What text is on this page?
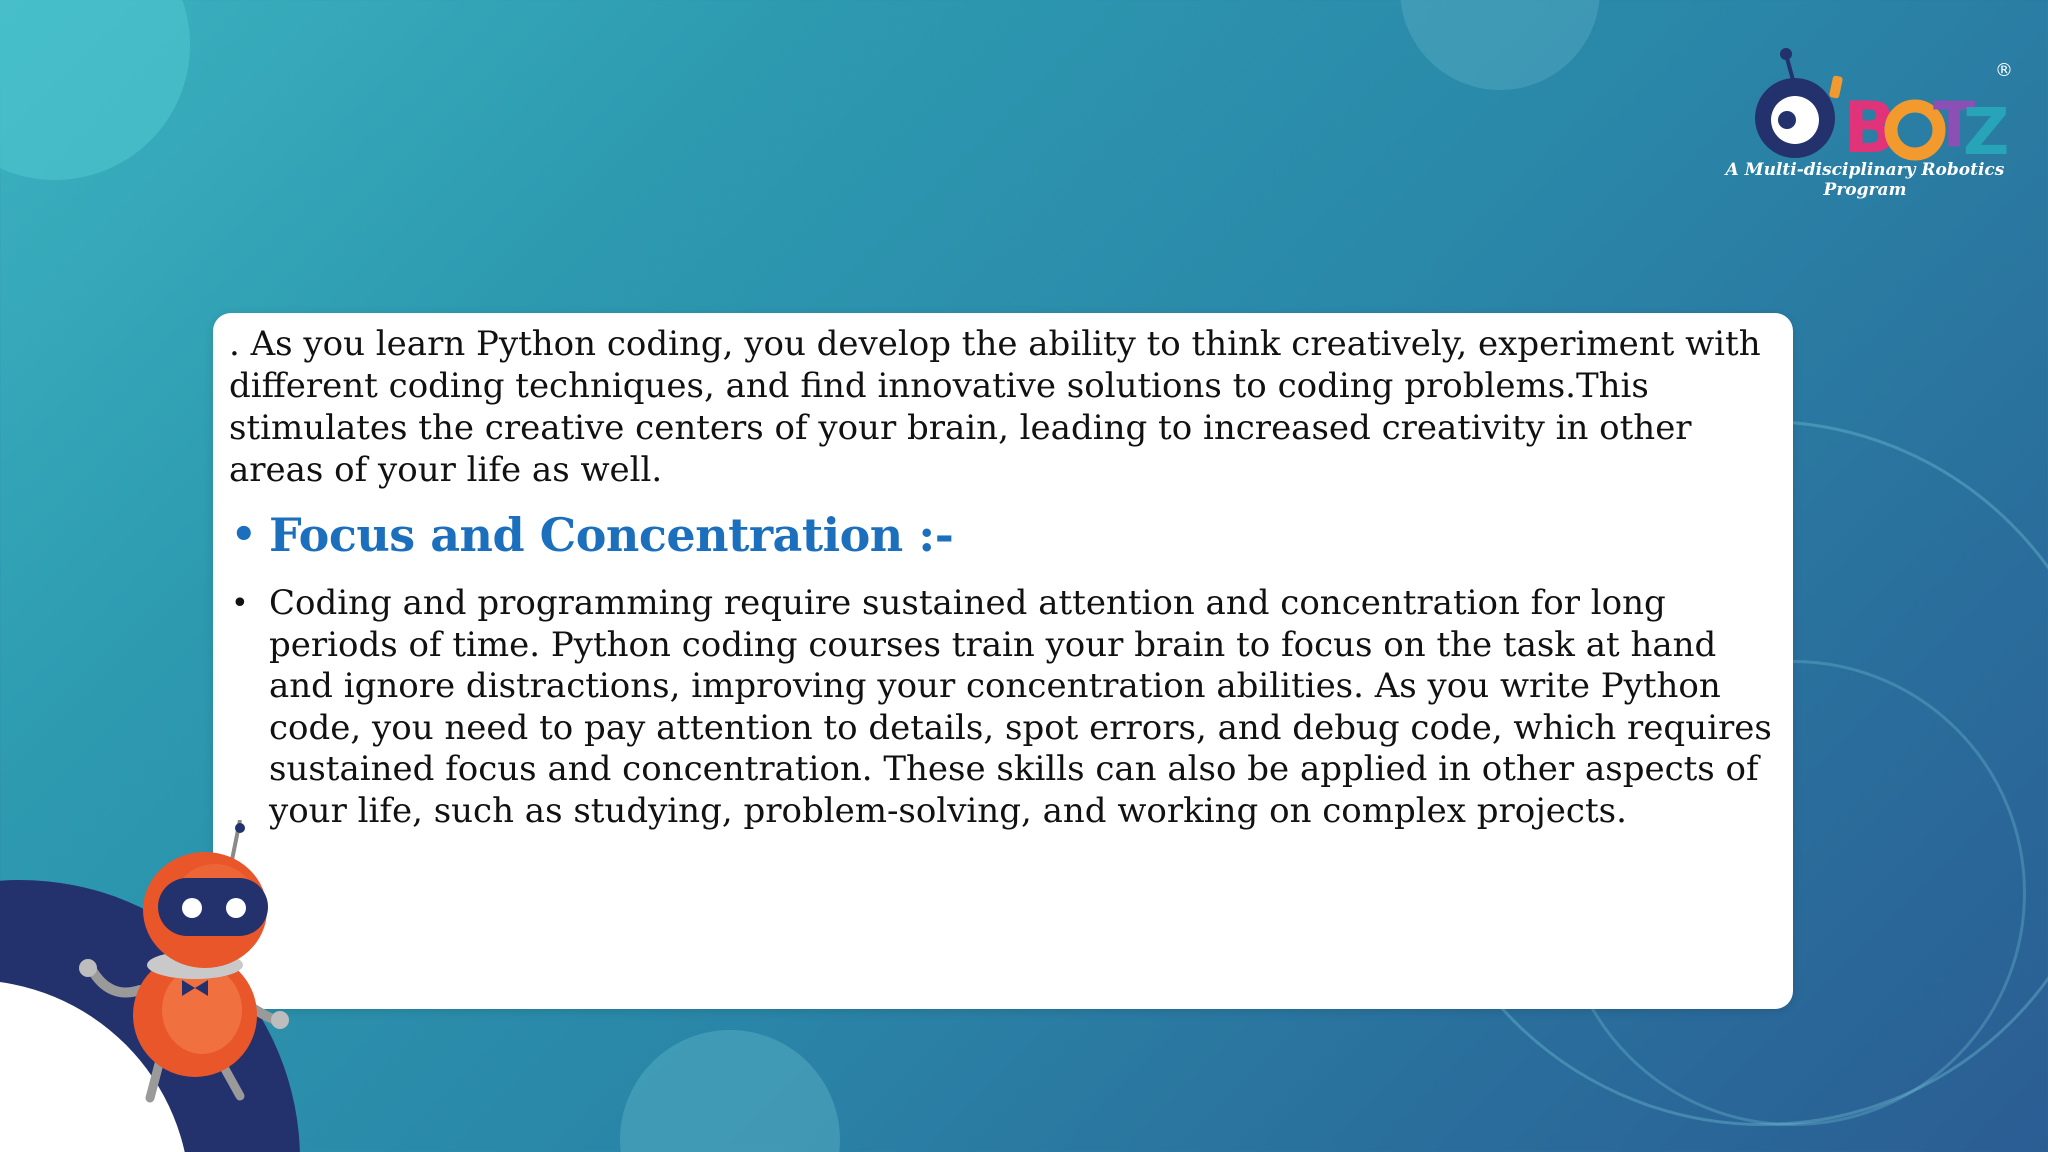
B T
Z
®
A Multi-disciplinary Robotics Program

. As you learn Python coding, you develop the ability to think creatively, experiment with different coding techniques, and find innovative solutions to coding problems.This stimulates the creative centers of your brain, leading to increased creativity in other areas of your life as well.

• Focus and Concentration :-
• Coding and programming require sustained attention and concentration for long periods of time. Python coding courses train your brain to focus on the task at hand and ignore distractions, improving your concentration abilities. As you write Python code, you need to pay attention to details, spot errors, and debug code, which requires sustained focus and concentration. These skills can also be applied in other aspects of your life, such as studying, problem-solving, and working on complex projects.
